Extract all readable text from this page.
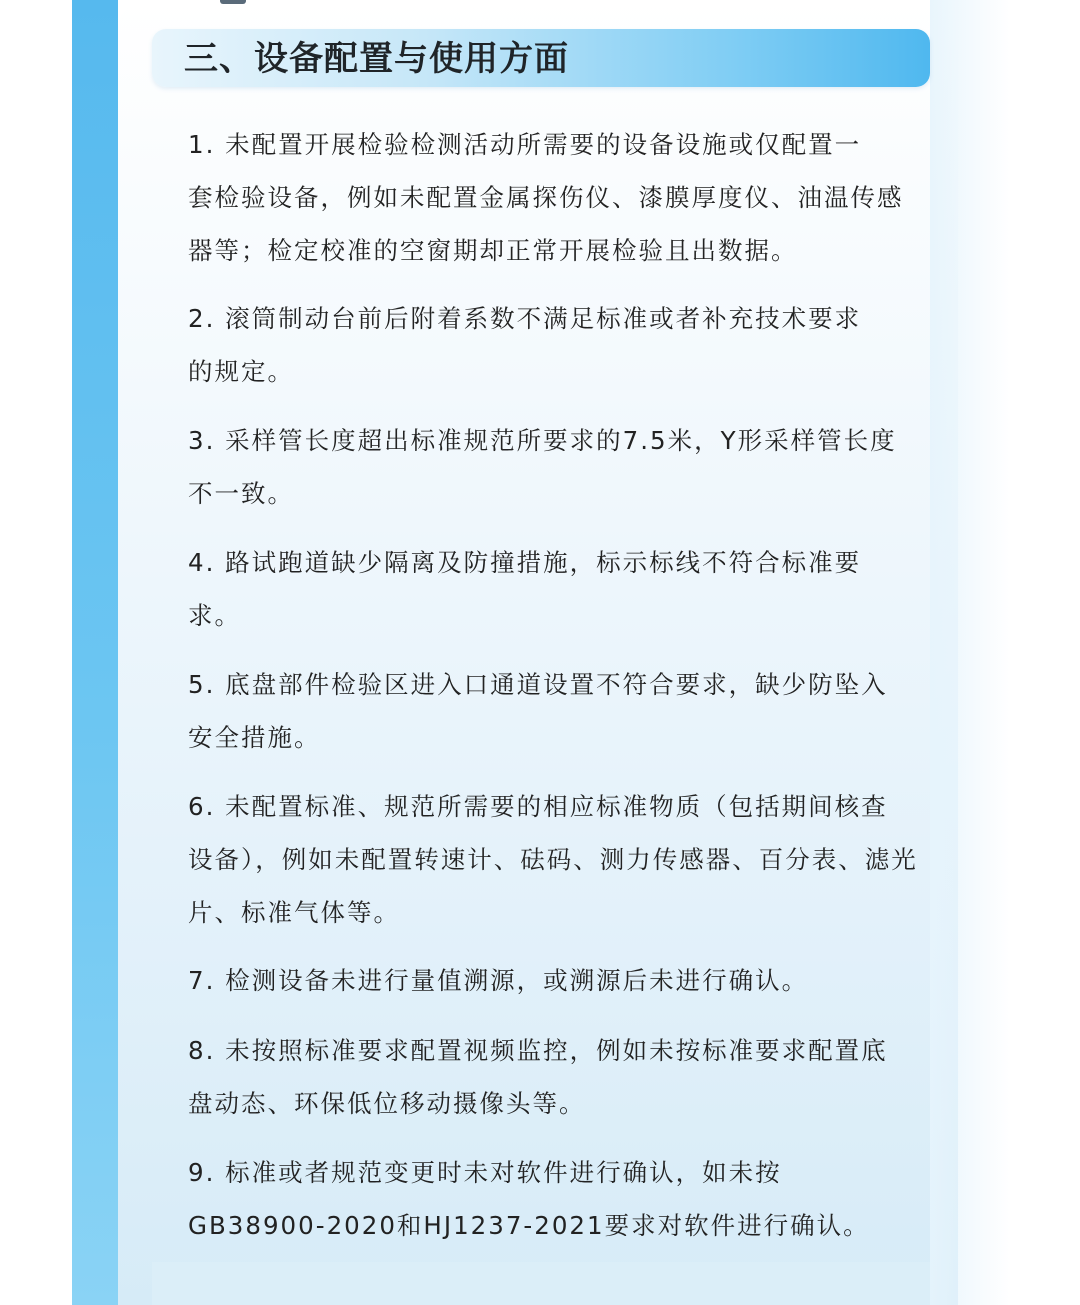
三、设备配置与使用方面
1. 未配置开展检验检测活动所需要的设备设施或仅配置一
套检验设备，例如未配置金属探伤仪、漆膜厚度仪、油温传感
器等；检定校准的空窗期却正常开展检验且出数据。
2. 滚筒制动台前后附着系数不满足标准或者补充技术要求
的规定。
3. 采样管长度超出标准规范所要求的7.5米，Y形采样管长度
不一致。
4. 路试跑道缺少隔离及防撞措施，标示标线不符合标准要
求。
5. 底盘部件检验区进入口通道设置不符合要求，缺少防坠入
安全措施。
6. 未配置标准、规范所需要的相应标准物质（包括期间核查
设备），例如未配置转速计、砝码、测力传感器、百分表、滤光
片、标准气体等。
7. 检测设备未进行量值溯源，或溯源后未进行确认。
8. 未按照标准要求配置视频监控，例如未按标准要求配置底
盘动态、环保低位移动摄像头等。
9. 标准或者规范变更时未对软件进行确认，如未按
GB38900-2020和HJ1237-2021要求对软件进行确认。
